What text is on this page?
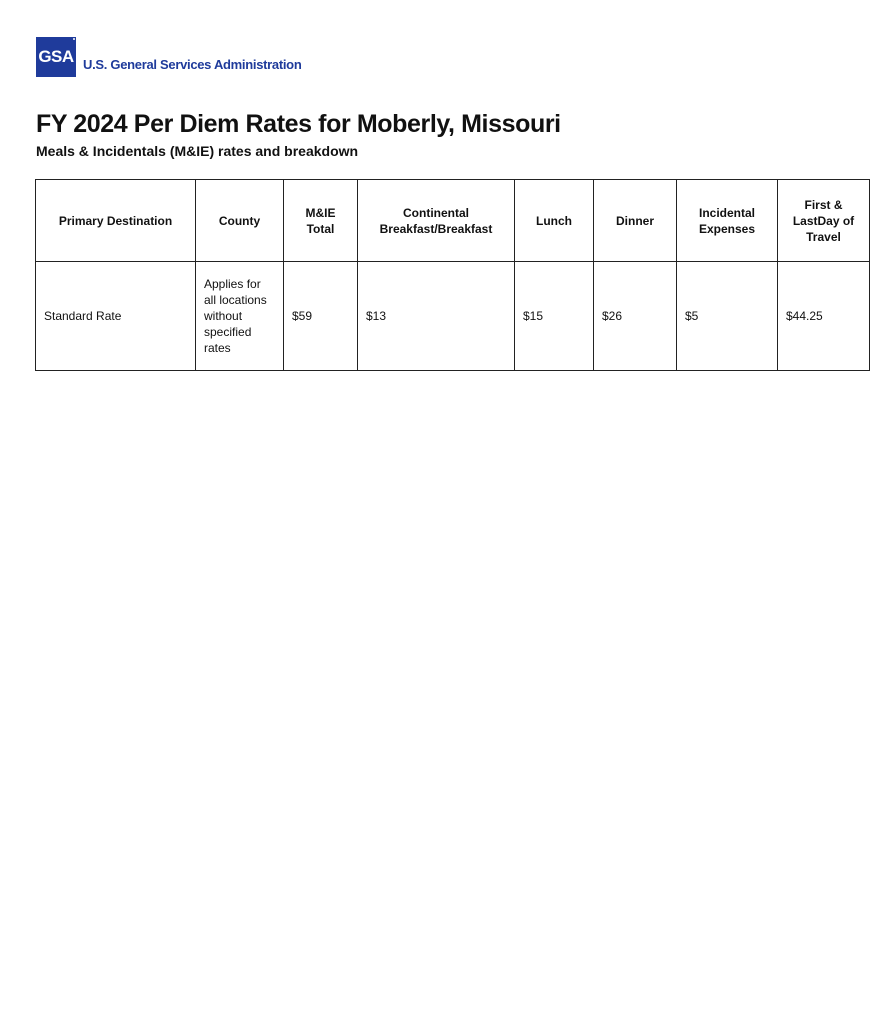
GSA U.S. General Services Administration
FY 2024 Per Diem Rates for Moberly, Missouri
Meals & Incidentals (M&IE) rates and breakdown
Primary Destination	County	M&IE Total	Continental Breakfast/Breakfast	Lunch	Dinner	Incidental Expenses	First & LastDay of Travel
Standard Rate	Applies for all locations without specified rates	$59	$13	$15	$26	$5	$44.25
